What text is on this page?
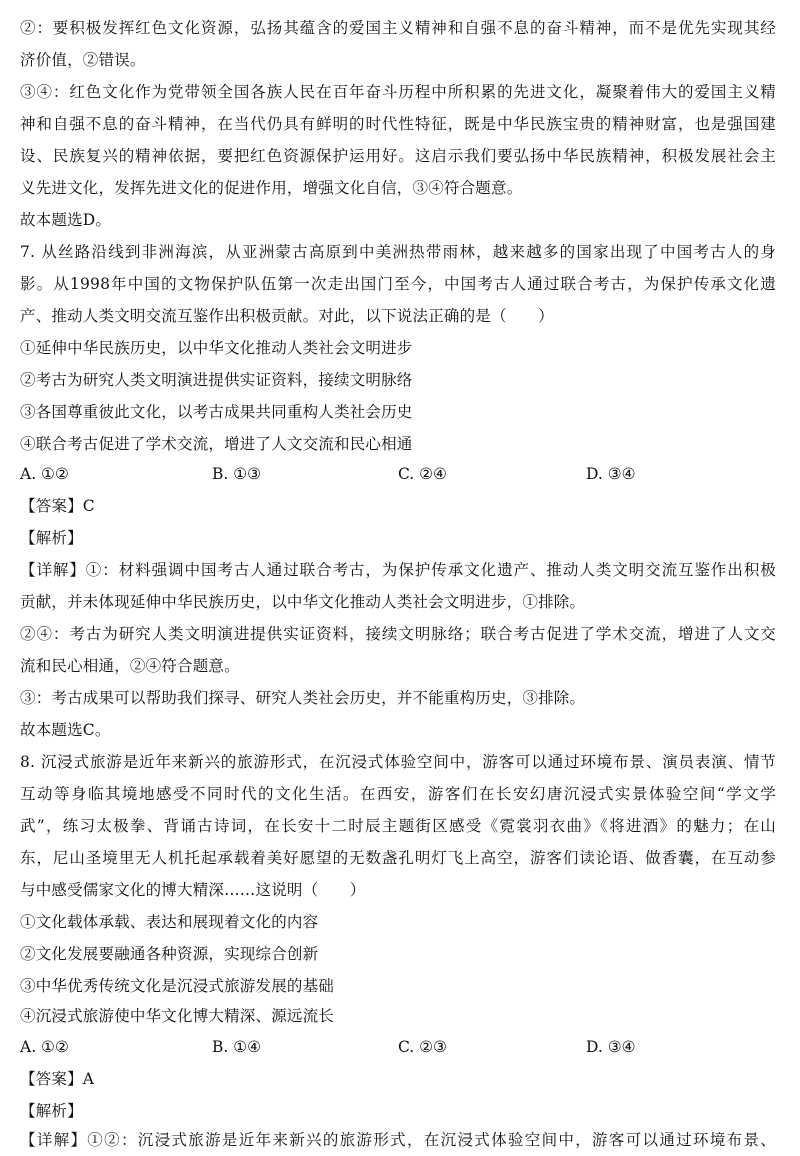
②：要积极发挥红色文化资源，弘扬其蕴含的爱国主义精神和自强不息的奋斗精神，而不是优先实现其经
济价值，②错误。
③④：红色文化作为党带领全国各族人民在百年奋斗历程中所积累的先进文化，凝聚着伟大的爱国主义精
神和自强不息的奋斗精神，在当代仍具有鲜明的时代性特征，既是中华民族宝贵的精神财富，也是强国建
设、民族复兴的精神依据，要把红色资源保护运用好。这启示我们要弘扬中华民族精神，积极发展社会主
义先进文化，发挥先进文化的促进作用，增强文化自信，③④符合题意。
故本题选D。
7. 从丝路沿线到非洲海滨，从亚洲蒙古高原到中美洲热带雨林，越来越多的国家出现了中国考古人的身
影。从1998年中国的文物保护队伍第一次走出国门至今，中国考古人通过联合考古，为保护传承文化遗
产、推动人类文明交流互鉴作出积极贡献。对此，以下说法正确的是（　　）
①延伸中华民族历史，以中华文化推动人类社会文明进步
②考古为研究人类文明演进提供实证资料，接续文明脉络
③各国尊重彼此文化，以考古成果共同重构人类社会历史
④联合考古促进了学术交流，增进了人文交流和民心相通
A. ①②	B. ①③	C. ②④	D. ③④
【答案】C
【解析】
【详解】①：材料强调中国考古人通过联合考古，为保护传承文化遗产、推动人类文明交流互鉴作出积极
贡献，并未体现延伸中华民族历史，以中华文化推动人类社会文明进步，①排除。
②④：考古为研究人类文明演进提供实证资料，接续文明脉络；联合考古促进了学术交流，增进了人文交
流和民心相通，②④符合题意。
③：考古成果可以帮助我们探寻、研究人类社会历史，并不能重构历史，③排除。
故本题选C。
8. 沉浸式旅游是近年来新兴的旅游形式，在沉浸式体验空间中，游客可以通过环境布景、演员表演、情节
互动等身临其境地感受不同时代的文化生活。在西安，游客们在长安幻唐沉浸式实景体验空间“学文学
武”，练习太极拳、背诵古诗词，在长安十二时辰主题街区感受《霓裳羽衣曲》《将进酒》的魅力；在山
东，尼山圣境里无人机托起承载着美好愿望的无数盏孔明灯飞上高空，游客们读论语、做香囊，在互动参
与中感受儒家文化的博大精深……这说明（　　）
①文化载体承载、表达和展现着文化的内容
②文化发展要融通各种资源，实现综合创新
③中华优秀传统文化是沉浸式旅游发展的基础
④沉浸式旅游使中华文化博大精深、源远流长
A. ①②	B. ①④	C. ②③	D. ③④
【答案】A
【解析】
【详解】①②：沉浸式旅游是近年来新兴的旅游形式，在沉浸式体验空间中，游客可以通过环境布景、
